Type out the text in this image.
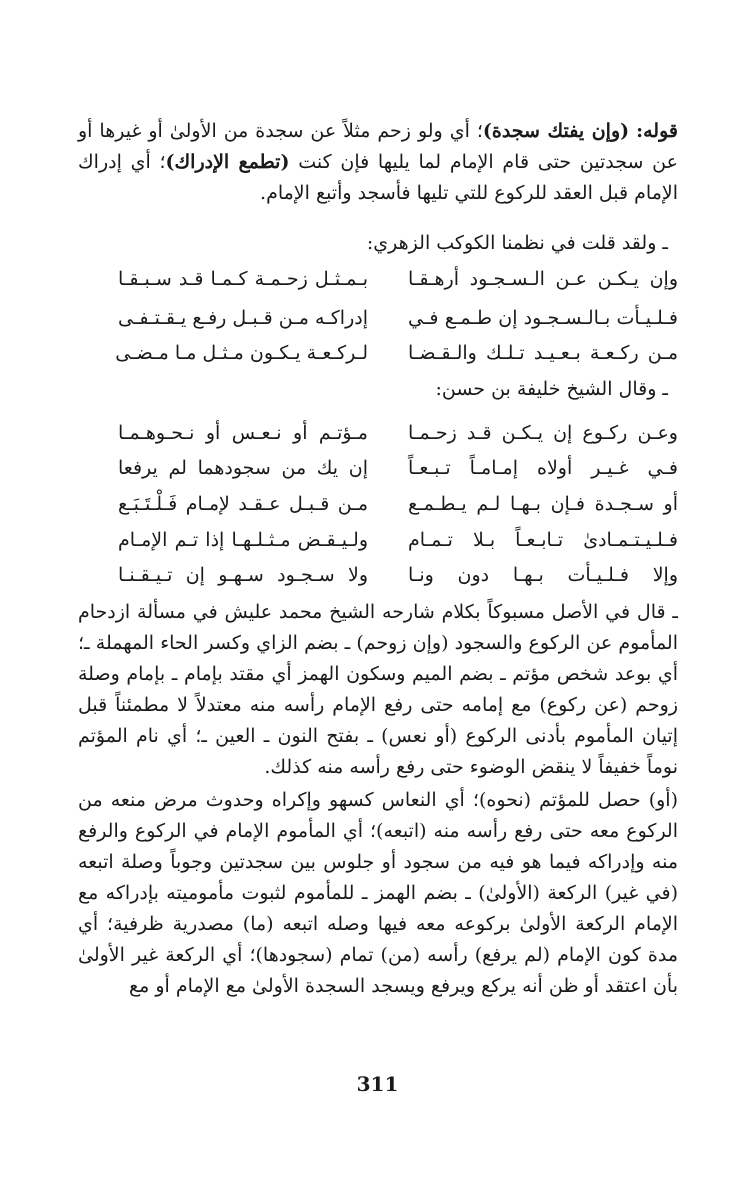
قوله: (وإن يفتك سجدة)؛ أي ولو زحم مثلاً عن سجدة من الأولىٰ أو غيرها أو عن سجدتين حتى قام الإمام لما يليها فإن كنت (تطمع الإدراك)؛ أي إدراك الإمام قبل العقد للركوع للتي تليها فأسجد وأتبع الإمام.

ـ ولقد قلت في نظمنا الكوكب الزهري:

وإن يـكـن عـن الـسـجـود أرهـقـا
بـمـثـل زحـمـة كـمـا قـد سـبـقـا
فـلـيـأت بـالـسـجـود إن طـمـع فـي
إدراكـه مـن قـبـل رفـع يـقـتـفـى
مـن ركـعـة بـعـيـد تـلـك والـقـضـا
لـركـعـة يـكـون مـثـل مـا مـضـى

ـ وقال الشيخ خليفة بن حسن:

وعـن ركـوع إن يـكـن قـد زحـمـا
مـؤتـم أو نـعـس أو نـحـوهـمـا
فـي غـيـر أولاه إمـامـاً تـبـعـاً
إن يك من سجودهما لم يرفعا
أو سـجـدة فـإن بـهـا لـم يـطـمـع
مـن قـبـل عـقـد لإمـام فَـلْـتَـبَـع
فـلـيـتـمـادىٰ تـابـعـاً بـلا تـمـام
ولـيـقـض مـثـلـهـا إذا تـم الإمـام
وإلا فـلـيـأت بـهـا دون ونـا
ولا سـجـود سـهـو إن تـيـقـنـا

ـ قال في الأصل مسبوكاً بكلام شارحه الشيخ محمد عليش في مسألة ازدحام المأموم عن الركوع والسجود (وإن زوحم) ـ بضم الزاي وكسر الحاء المهملة ـ؛ أي بوعد شخص مؤتم ـ بضم الميم وسكون الهمز أي مقتد بإمام ـ بإمام وصلة زوحم (عن ركوع) مع إمامه حتى رفع الإمام رأسه منه معتدلاً لا مطمئناً قبل إتيان المأموم بأدنى الركوع (أو نعس) ـ بفتح النون ـ العين ـ؛ أي نام المؤتم نوماً خفيفاً لا ينقض الوضوء حتى رفع رأسه منه كذلك.

(أو) حصل للمؤتم (نحوه)؛ أي النعاس كسهو وإكراه وحدوث مرض منعه من الركوع معه حتى رفع رأسه منه (اتبعه)؛ أي المأموم الإمام في الركوع والرفع منه وإدراكه فيما هو فيه من سجود أو جلوس بين سجدتين وجوباً وصلة اتبعه (في غير) الركعة (الأولىٰ) ـ بضم الهمز ـ للمأموم لثبوت مأموميته بإدراكه مع الإمام الركعة الأولىٰ بركوعه معه فيها وصله اتبعه (ما) مصدرية ظرفية؛ أي مدة كون الإمام (لم يرفع) رأسه (من) تمام (سجودها)؛ أي الركعة غير الأولىٰ بأن اعتقد أو ظن أنه يركع ويرفع ويسجد السجدة الأولىٰ مع الإمام أو مع

311
